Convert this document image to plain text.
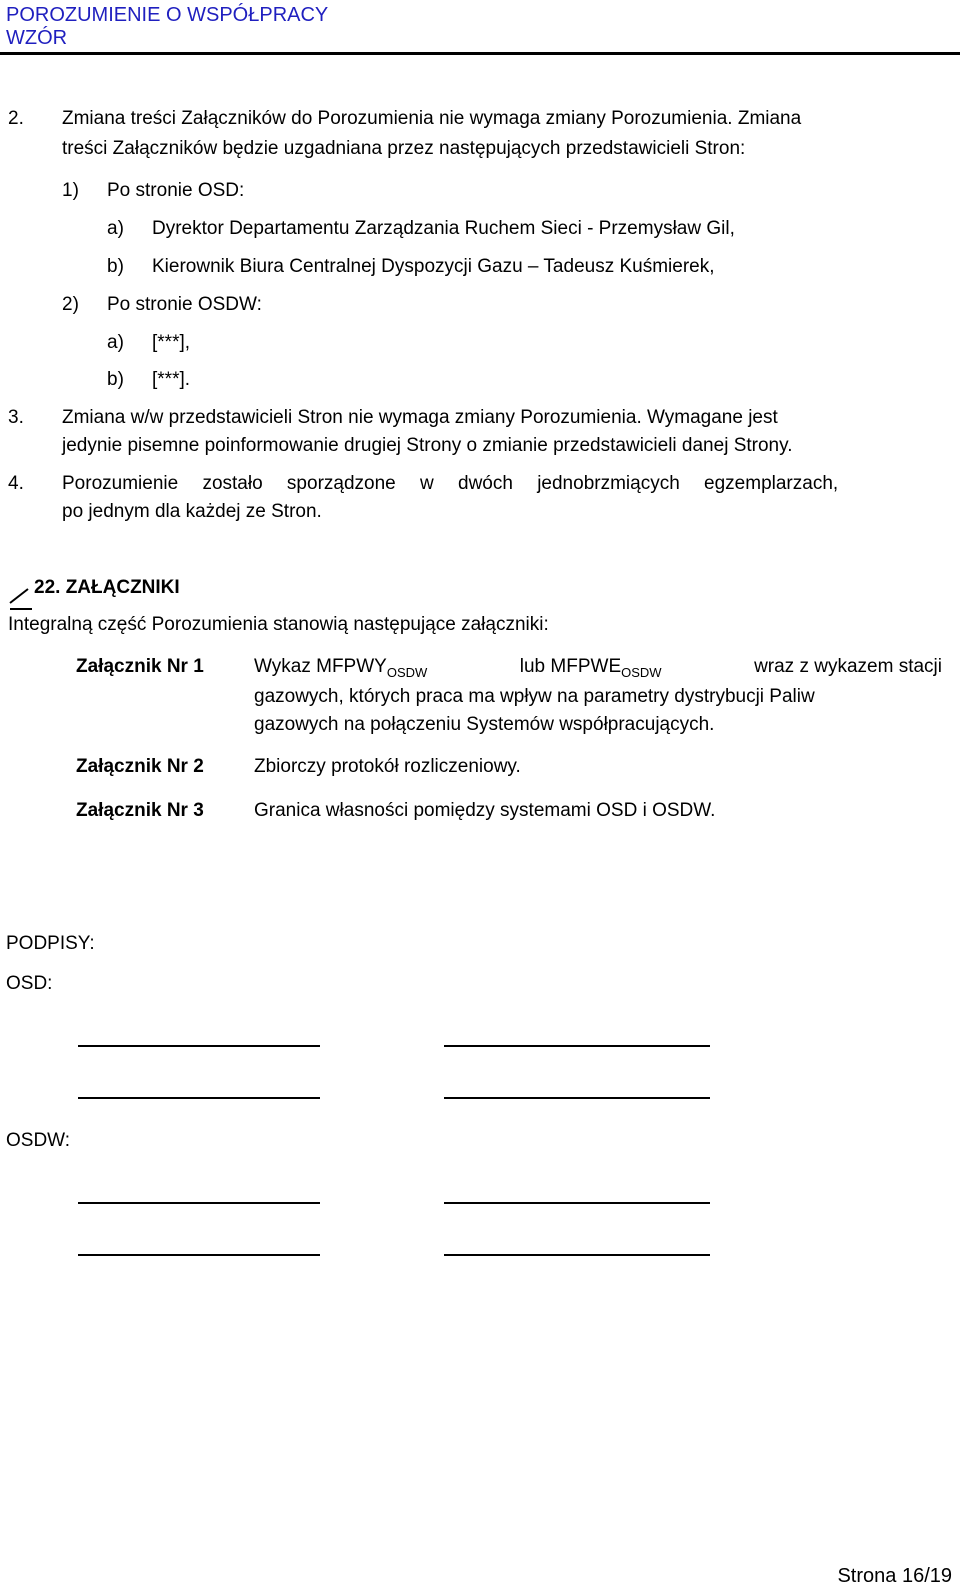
POROZUMIENIE O WSPÓŁPRACY
WZÓR
2. Zmiana treści Załączników do Porozumienia nie wymaga zmiany Porozumienia. Zmiana
treści Załączników będzie uzgadniana przez następujących przedstawicieli Stron:
1) Po stronie OSD:
a) Dyrektor Departamentu Zarządzania Ruchem Sieci - Przemysław Gil,
b) Kierownik Biura Centralnej Dyspozycji Gazu – Tadeusz Kuśmierek,
2) Po stronie OSDW:
a) [***],
b) [***].
3. Zmiana w/w przedstawicieli Stron nie wymaga zmiany Porozumienia. Wymagane jest
jedynie pisemne poinformowanie drugiej Strony o zmianie przedstawicieli danej Strony.
4. Porozumienie zostało sporządzone w dwóch jednobrzmiących egzemplarzach,
po jednym dla każdej ze Stron.
22. ZAŁĄCZNIKI
Integralną część Porozumienia stanowią następujące załączniki:
Załącznik Nr 1	Wykaz $MFPWY_{OSDW}$	lub $MFPWE_{OSDW}$	wraz z wykazem stacji
gazowych, których praca ma wpływ na parametry dystrybucji Paliw
gazowych na połączeniu Systemów współpracujących.
Załącznik Nr 2	Zbiorczy protokół rozliczeniowy.
Załącznik Nr 3	Granica własności pomiędzy systemami OSD i OSDW.
PODPISY:
OSD:
OSDW:
Strona 16/19
